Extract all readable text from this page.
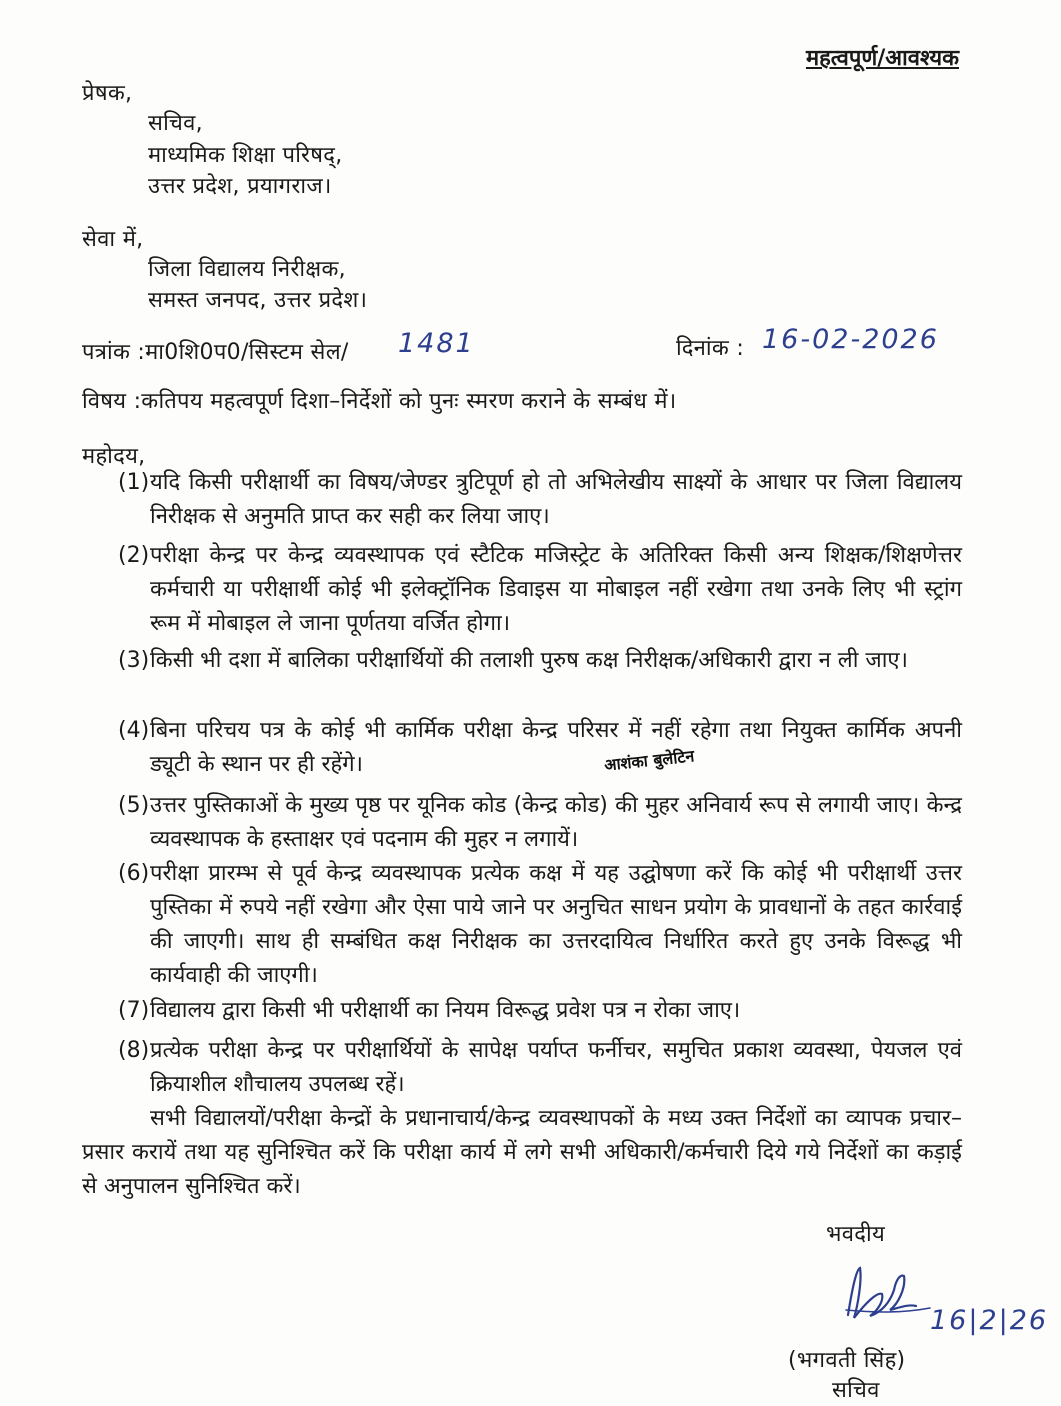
महत्वपूर्ण/आवश्यक
प्रेषक,
सचिव,
माध्यमिक शिक्षा परिषद्,
उत्तर प्रदेश, प्रयागराज।
सेवा में,
जिला विद्यालय निरीक्षक,
समस्त जनपद, उत्तर प्रदेश।
पत्रांक :मा0शि0प0/सिस्टम सेल/ 1481	दिनांक : 16-02-2026
विषय :कतिपय महत्वपूर्ण दिशा–निर्देशों को पुनः स्मरण कराने के सम्बंध में।
महोदय,
(1) यदि किसी परीक्षार्थी का विषय/जेण्डर त्रुटिपूर्ण हो तो अभिलेखीय साक्ष्यों के आधार पर जिला विद्यालय निरीक्षक से अनुमति प्राप्त कर सही कर लिया जाए।
(2) परीक्षा केन्द्र पर केन्द्र व्यवस्थापक एवं स्टैटिक मजिस्ट्रेट के अतिरिक्त किसी अन्य शिक्षक/शिक्षणेत्तर कर्मचारी या परीक्षार्थी कोई भी इलेक्ट्रॉनिक डिवाइस या मोबाइल नहीं रखेगा तथा उनके लिए भी स्ट्रांग रूम में मोबाइल ले जाना पूर्णतया वर्जित होगा।
(3) किसी भी दशा में बालिका परीक्षार्थियों की तलाशी पुरुष कक्ष निरीक्षक/अधिकारी द्वारा न ली जाए।
(4) बिना परिचय पत्र के कोई भी कार्मिक परीक्षा केन्द्र परिसर में नहीं रहेगा तथा नियुक्त कार्मिक अपनी ड्यूटी के स्थान पर ही रहेंगे।
(5) उत्तर पुस्तिकाओं के मुख्य पृष्ठ पर यूनिक कोड (केन्द्र कोड) की मुहर अनिवार्य रूप से लगायी जाए। केन्द्र व्यवस्थापक के हस्ताक्षर एवं पदनाम की मुहर न लगायें।
(6) परीक्षा प्रारम्भ से पूर्व केन्द्र व्यवस्थापक प्रत्येक कक्ष में यह उद्घोषणा करें कि कोई भी परीक्षार्थी उत्तर पुस्तिका में रुपये नहीं रखेगा और ऐसा पाये जाने पर अनुचित साधन प्रयोग के प्रावधानों के तहत कार्रवाई की जाएगी। साथ ही सम्बंधित कक्ष निरीक्षक का उत्तरदायित्व निर्धारित करते हुए उनके विरूद्ध भी कार्यवाही की जाएगी।
(7) विद्यालय द्वारा किसी भी परीक्षार्थी का नियम विरूद्ध प्रवेश पत्र न रोका जाए।
(8) प्रत्येक परीक्षा केन्द्र पर परीक्षार्थियों के सापेक्ष पर्याप्त फर्नीचर, समुचित प्रकाश व्यवस्था, पेयजल एवं क्रियाशील शौचालय उपलब्ध रहें।
आशंका बुलेटिन
सभी विद्यालयों/परीक्षा केन्द्रों के प्रधानाचार्य/केन्द्र व्यवस्थापकों के मध्य उक्त निर्देशों का व्यापक प्रचार–प्रसार करायें तथा यह सुनिश्चित करें कि परीक्षा कार्य में लगे सभी अधिकारी/कर्मचारी दिये गये निर्देशों का कड़ाई से अनुपालन सुनिश्चित करें।
भवदीय
16|2|26
(भगवती सिंह)
सचिव
